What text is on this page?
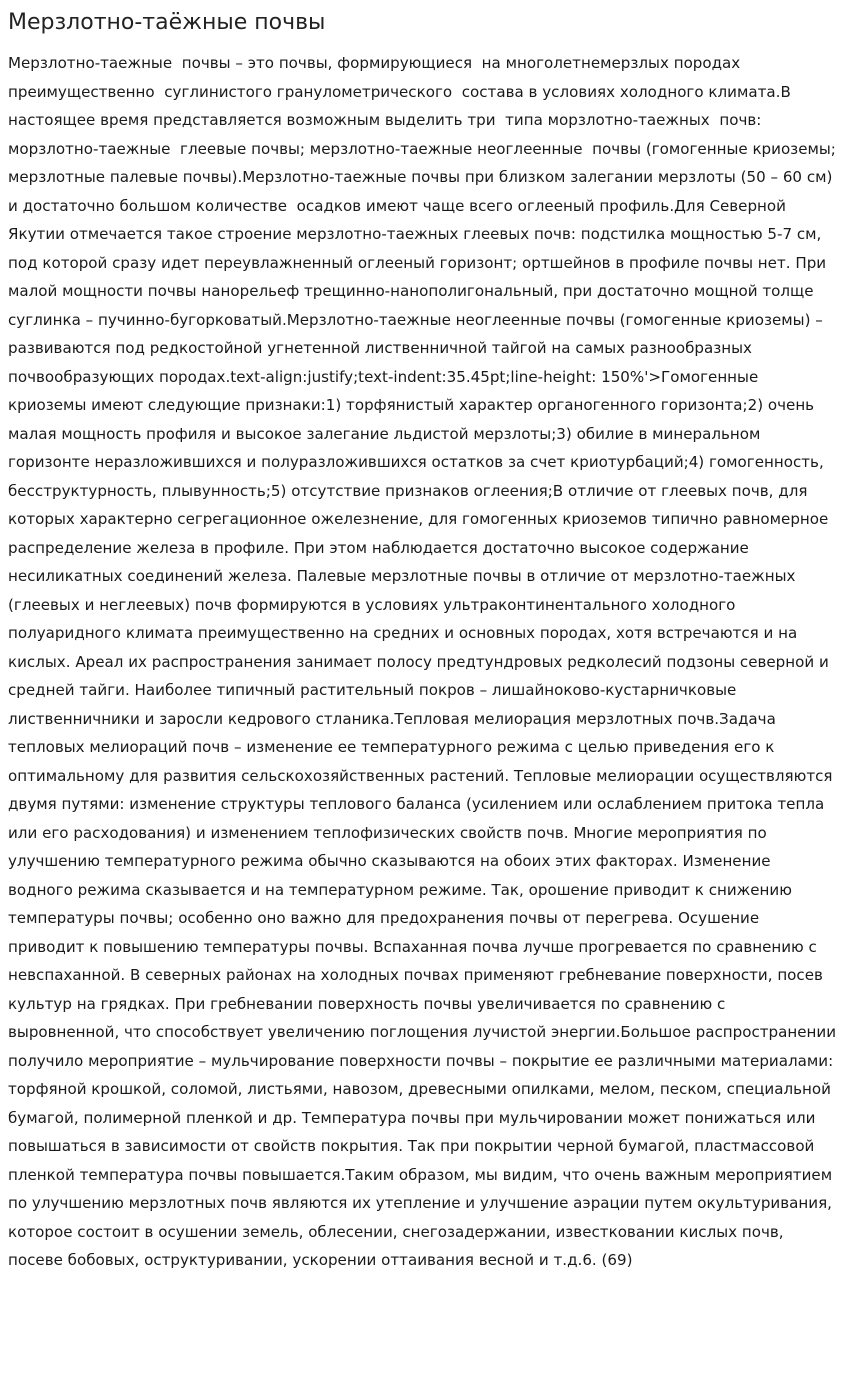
Мерзлотно-таёжные почвы

Мерзлотно-таежные  почвы – это почвы, формирующиеся  на многолетнемерзлых породах преимущественно  суглинистого гранулометрического  состава в условиях холодного климата.В настоящее время представляется возможным выделить три  типа морзлотно-таежных  почв: морзлотно-таежные  глеевые почвы; мерзлотно-таежные неоглеенные  почвы (гомогенные криоземы; мерзлотные палевые почвы).Мерзлотно-таежные почвы при близком залегании мерзлоты (50 – 60 см) и достаточно большом количестве  осадков имеют чаще всего оглееный профиль.Для Северной Якутии отмечается такое строение мерзлотно-таежных глеевых почв: подстилка мощностью 5-7 см, под которой сразу идет переувлажненный оглееный горизонт; ортшейнов в профиле почвы нет. При малой мощности почвы нанорельеф трещинно-нанополигональный, при достаточно мощной толще суглинка – пучинно-бугорковатый.Мерзлотно-таежные неоглеенные почвы (гомогенные криоземы) – развиваются под редкостойной угнетенной лиственничной тайгой на самых разнообразных почвообразующих породах.text-align:justify;text-indent:35.45pt;line-height: 150%'>Гомогенные криоземы имеют следующие признаки:1) торфянистый характер органогенного горизонта;2) очень малая мощность профиля и высокое залегание льдистой мерзлоты;3) обилие в минеральном горизонте неразложившихся и полуразложившихся остатков за счет криотурбаций;4) гомогенность, бесструктурность, плывунность;5) отсутствие признаков оглеения;В отличие от глеевых почв, для которых характерно сегрегационное ожелезнение, для гомогенных криоземов типично равномерное распределение железа в профиле. При этом наблюдается достаточно высокое содержание несиликатных соединений железа. Палевые мерзлотные почвы в отличие от мерзлотно-таежных (глеевых и неглеевых) почв формируются в условиях ультраконтинентального холодного полуаридного климата преимущественно на средних и основных породах, хотя встречаются и на кислых. Ареал их распространения занимает полосу предтундровых редколесий подзоны северной и средней тайги. Наиболее типичный растительный покров – лишайноково-кустарничковые лиственничники и заросли кедрового стланика.Тепловая мелиорация мерзлотных почв.Задача тепловых мелиораций почв – изменение ее температурного режима с целью приведения его к оптимальному для развития сельскохозяйственных растений. Тепловые мелиорации осуществляются двумя путями: изменение структуры теплового баланса (усилением или ослаблением притока тепла или его расходования) и изменением теплофизических свойств почв. Многие мероприятия по улучшению температурного режима обычно сказываются на обоих этих факторах. Изменение водного режима сказывается и на температурном режиме. Так, орошение приводит к снижению температуры почвы; особенно оно важно для предохранения почвы от перегрева. Осушение приводит к повышению температуры почвы. Вспаханная почва лучше прогревается по сравнению с невспаханной. В северных районах на холодных почвах применяют гребневание поверхности, посев культур на грядках. При гребневании поверхность почвы увеличивается по сравнению с выровненной, что способствует увеличению поглощения лучистой энергии.Большое распространении получило мероприятие – мульчирование поверхности почвы – покрытие ее различными материалами: торфяной крошкой, соломой, листьями, навозом, древесными опилками, мелом, песком, специальной бумагой, полимерной пленкой и др. Температура почвы при мульчировании может понижаться или повышаться в зависимости от свойств покрытия. Так при покрытии черной бумагой, пластмассовой пленкой температура почвы повышается.Таким образом, мы видим, что очень важным мероприятием по улучшению мерзлотных почв являются их утепление и улучшение аэрации путем окультуривания, которое состоит в осушении земель, облесении, снегозадержании, известковании кислых почв, посеве бобовых, оструктуривании, ускорении оттаивания весной и т.д.6. (69)
